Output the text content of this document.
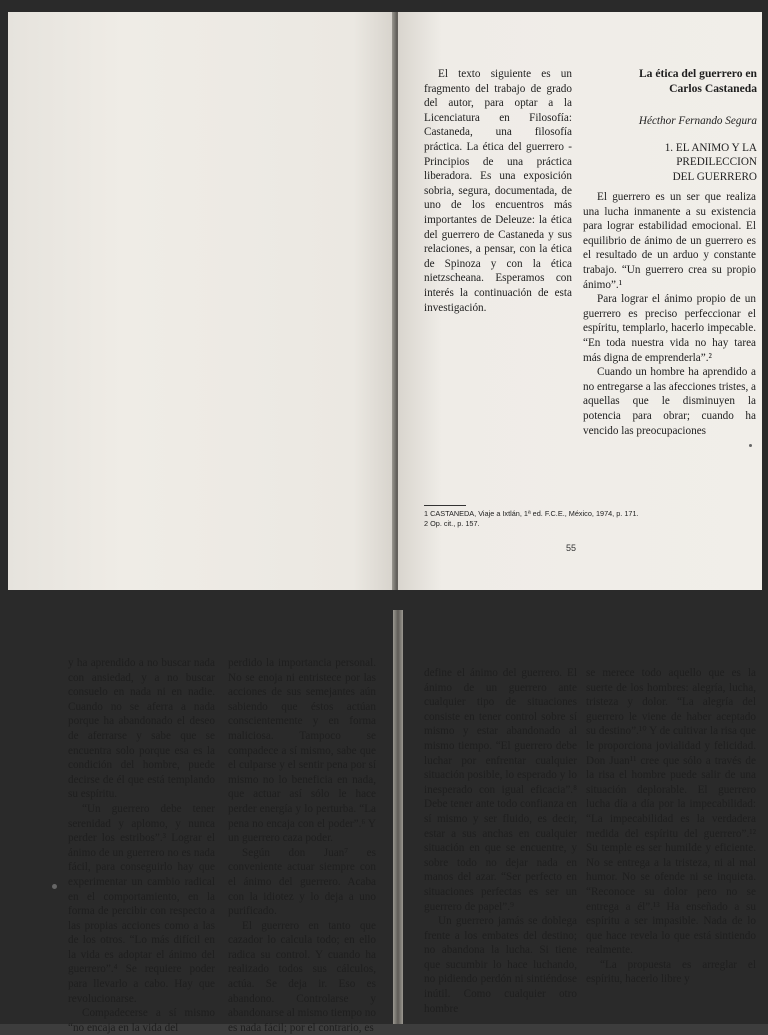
El texto siguiente es un fragmento del trabajo de grado del autor, para optar a la Licenciatura en Filosofía: Castaneda, una filosofía práctica. La ética del guerrero - Principios de una práctica liberadora. Es una exposición sobria, segura, documentada, de uno de los encuentros más importantes de Deleuze: la ética del guerrero de Castaneda y sus relaciones, a pensar, con la ética de Spinoza y con la ética nietzscheana. Esperamos con interés la continuación de esta investigación.

La ética del guerrero en
Carlos Castaneda

Hécthor Fernando Segura

1. EL ANIMO Y LA
PREDILECCION
DEL GUERRERO

El guerrero es un ser que realiza una lucha inmanente a su existencia para lograr estabilidad emocional. El equilibrio de ánimo de un guerrero es el resultado de un arduo y constante trabajo. “Un guerrero crea su propio ánimo”.¹

Para lograr el ánimo propio de un guerrero es preciso perfeccionar el espíritu, templarlo, hacerlo impecable. “En toda nuestra vida no hay tarea más digna de emprenderla”.²

Cuando un hombre ha aprendido a no entregarse a las afecciones tristes, a aquellas que le disminuyen la potencia para obrar; cuando ha vencido las preocupaciones

1 CASTANEDA, Viaje a Ixtlán, 1ª ed. F.C.E., México, 1974, p. 171.
2 Op. cit., p. 157.
55

y ha aprendido a no buscar nada con ansiedad, y a no buscar consuelo en nada ni en nadie. Cuando no se aferra a nada porque ha abandonado el deseo de aferrarse y sabe que se encuentra solo porque esa es la condición del hombre, puede decirse de él que está templando su espíritu.

“Un guerrero debe tener serenidad y aplomo, y nunca perder los estribos”.³ Lograr el ánimo de un guerrero no es nada fácil, para conseguirlo hay que experimentar un cambio radical en el comportamiento, en la forma de percibir con respecto a las propias acciones como a las de los otros. “Lo más difícil en la vida es adoptar el ánimo del guerrero”.⁴ Se requiere poder para llevarlo a cabo. Hay que revolucionarse.

Compadecerse a sí mismo “no encaja en la vida del

perdido la importancia personal. No se enoja ni entristece por las acciones de sus semejantes aún sabiendo que éstos actúan conscientemente y en forma maliciosa. Tampoco se compadece a sí mismo, sabe que el culparse y el sentir pena por sí mismo no lo beneficia en nada, que actuar así sólo le hace perder energía y lo perturba. “La pena no encaja con el poder”.⁶ Y un guerrero caza poder.

Según don Juan⁷ es conveniente actuar siempre con el ánimo del guerrero. Acaba con la idiotez y lo deja a uno purificado.

El guerrero en tanto que cazador lo calcula todo; en ello radica su control. Y cuando ha realizado todos sus cálculos, actúa. Se deja ir. Eso es abandono. Controlarse y abandonarse al mismo tiempo no es nada fácil; por el contrario, es

define el ánimo del guerrero. El ánimo de un guerrero ante cualquier tipo de situaciones consiste en tener control sobre sí mismo y estar abandonado al mismo tiempo. “El guerrero debe luchar por enfrentar cualquier situación posible, lo esperado y lo inesperado con igual eficacia”.⁸ Debe tener ante todo confianza en sí mismo y ser fluido, es decir, estar a sus anchas en cualquier situación en que se encuentre, y sobre todo no dejar nada en manos del azar. “Ser perfecto en situaciones perfectas es ser un guerrero de papel”.⁹

Un guerrero jamás se doblega frente a los embates del destino; no abandona la lucha. Si tiene que sucumbir lo hace luchando, no pidiendo perdón ni sintiéndose inútil. Como cualquier otro hombre

se merece todo aquello que es la suerte de los hombres: alegría, lucha, tristeza y dolor. “La alegría del guerrero le viene de haber aceptado su destino”.¹⁰ Y de cultivar la risa que le proporciona jovialidad y felicidad. Don Juan¹¹ cree que sólo a través de la risa el hombre puede salir de una situación deplorable. El guerrero lucha día a día por la impecabilidad: “La impecabilidad es la verdadera medida del espíritu del guerrero”.¹² Su temple es ser humilde y eficiente. No se entrega a la tristeza, ni al mal humor. No se ofende ni se inquieta. “Reconoce su dolor pero no se entrega a él”.¹³ Ha enseñado a su espíritu a ser impasible. Nada de lo que hace revela lo que está sintiendo realmente.

“La propuesta es arreglar el espíritu, hacerlo libre y
